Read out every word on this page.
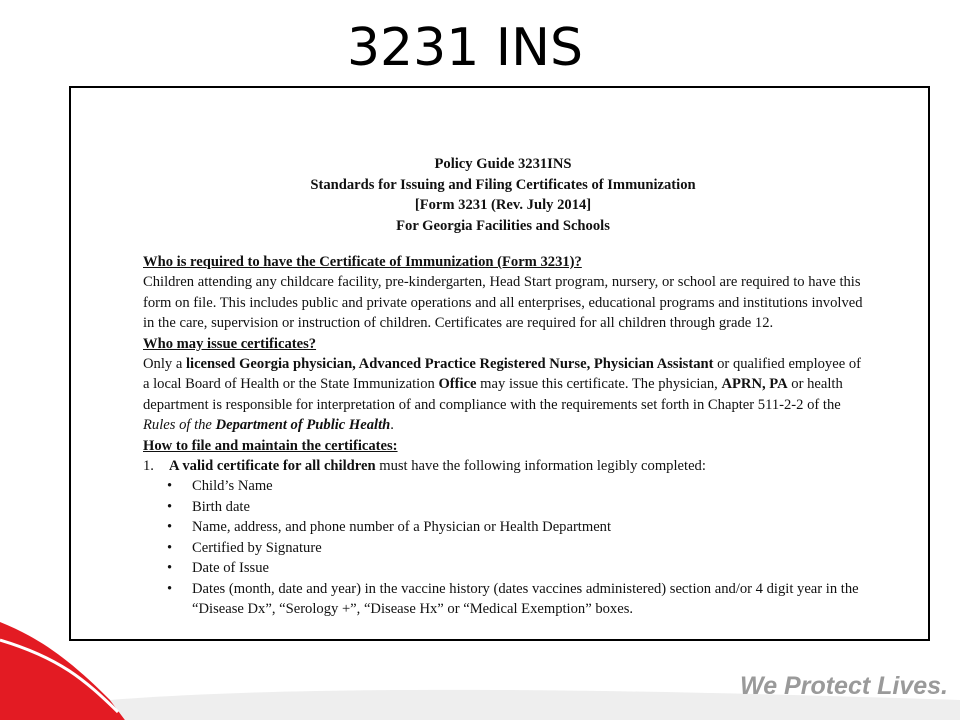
3231 INS
Policy Guide 3231INS
Standards for Issuing and Filing Certificates of Immunization
[Form 3231 (Rev. July 2014]
For Georgia Facilities and Schools
Who is required to have the Certificate of Immunization (Form 3231)?

Children attending any childcare facility, pre-kindergarten, Head Start program, nursery, or school are required to have this form on file. This includes public and private operations and all enterprises, educational programs and institutions involved in the care, supervision or instruction of children. Certificates are required for all children through grade 12.

Who may issue certificates?

Only a licensed Georgia physician, Advanced Practice Registered Nurse, Physician Assistant or qualified employee of a local Board of Health or the State Immunization Office may issue this certificate. The physician, APRN, PA or health department is responsible for interpretation of and compliance with the requirements set forth in Chapter 511-2-2 of the Rules of the Department of Public Health.

How to file and maintain the certificates:
1.	A valid certificate for all children must have the following information legibly completed:
•	Child’s Name
•	Birth date
•	Name, address, and phone number of a Physician or Health Department
•	Certified by Signature
•	Date of Issue
•	Dates (month, date and year) in the vaccine history (dates vaccines administered) section and/or 4 digit year in the “Disease Dx”, “Serology +”, “Disease Hx” or “Medical Exemption” boxes.
We Protect Lives.
